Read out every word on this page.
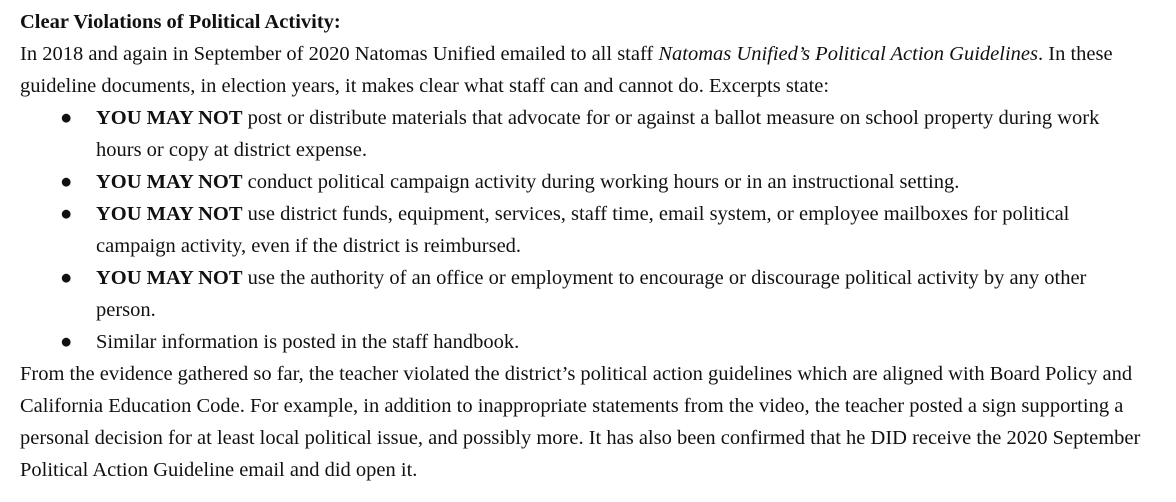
Clear Violations of Political Activity:

In 2018 and again in September of 2020 Natomas Unified emailed to all staff Natomas Unified’s Political Action Guidelines. In these guideline documents, in election years, it makes clear what staff can and cannot do. Excerpts state:

● YOU MAY NOT post or distribute materials that advocate for or against a ballot measure on school property during work hours or copy at district expense.
● YOU MAY NOT conduct political campaign activity during working hours or in an instructional setting.
● YOU MAY NOT use district funds, equipment, services, staff time, email system, or employee mailboxes for political campaign activity, even if the district is reimbursed.
● YOU MAY NOT use the authority of an office or employment to encourage or discourage political activity by any other person.
● Similar information is posted in the staff handbook.

From the evidence gathered so far, the teacher violated the district’s political action guidelines which are aligned with Board Policy and California Education Code. For example, in addition to inappropriate statements from the video, the teacher posted a sign supporting a personal decision for at least local political issue, and possibly more. It has also been confirmed that he DID receive the 2020 September Political Action Guideline email and did open it.
